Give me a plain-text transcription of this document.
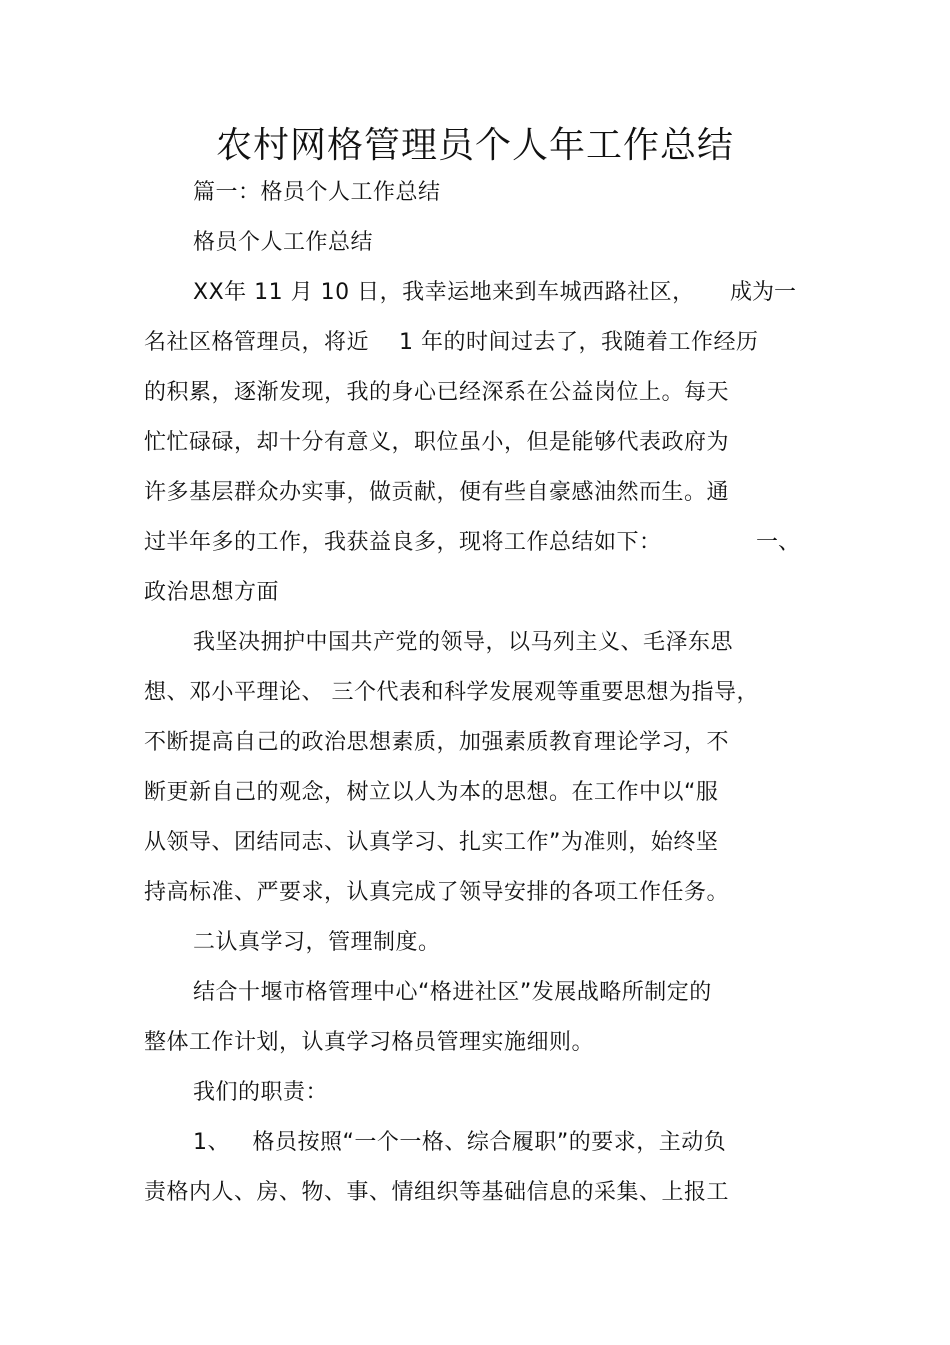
农村网格管理员个人年工作总结
篇一：格员个人工作总结
格员个人工作总结
XX年 11 月 10 日，我幸运地来到车城西路社区， 成为一
名社区格管理员，将近    1 年的时间过去了，我随着工作经历
的积累，逐渐发现，我的身心已经深系在公益岗位上。每天
忙忙碌碌，却十分有意义，职位虽小，但是能够代表政府为
许多基层群众办实事，做贡献，便有些自豪感油然而生。通
过半年多的工作，我获益良多，现将工作总结如下：	一、
政治思想方面
我坚决拥护中国共产党的领导，以马列主义、毛泽东思
想、邓小平理论、 三个代表和科学发展观等重要思想为指导，
不断提高自己的政治思想素质，加强素质教育理论学习，不
断更新自己的观念，树立以人为本的思想。在工作中以“服
从领导、团结同志、认真学习、扎实工作”为准则，始终坚
持高标准、严要求，认真完成了领导安排的各项工作任务。
二认真学习，管理制度。
结合十堰市格管理中心“格进社区”发展战略所制定的
整体工作计划，认真学习格员管理实施细则。
我们的职责：
1、   格员按照“一个一格、综合履职”的要求，主动负
责格内人、房、物、事、情组织等基础信息的采集、上报工
